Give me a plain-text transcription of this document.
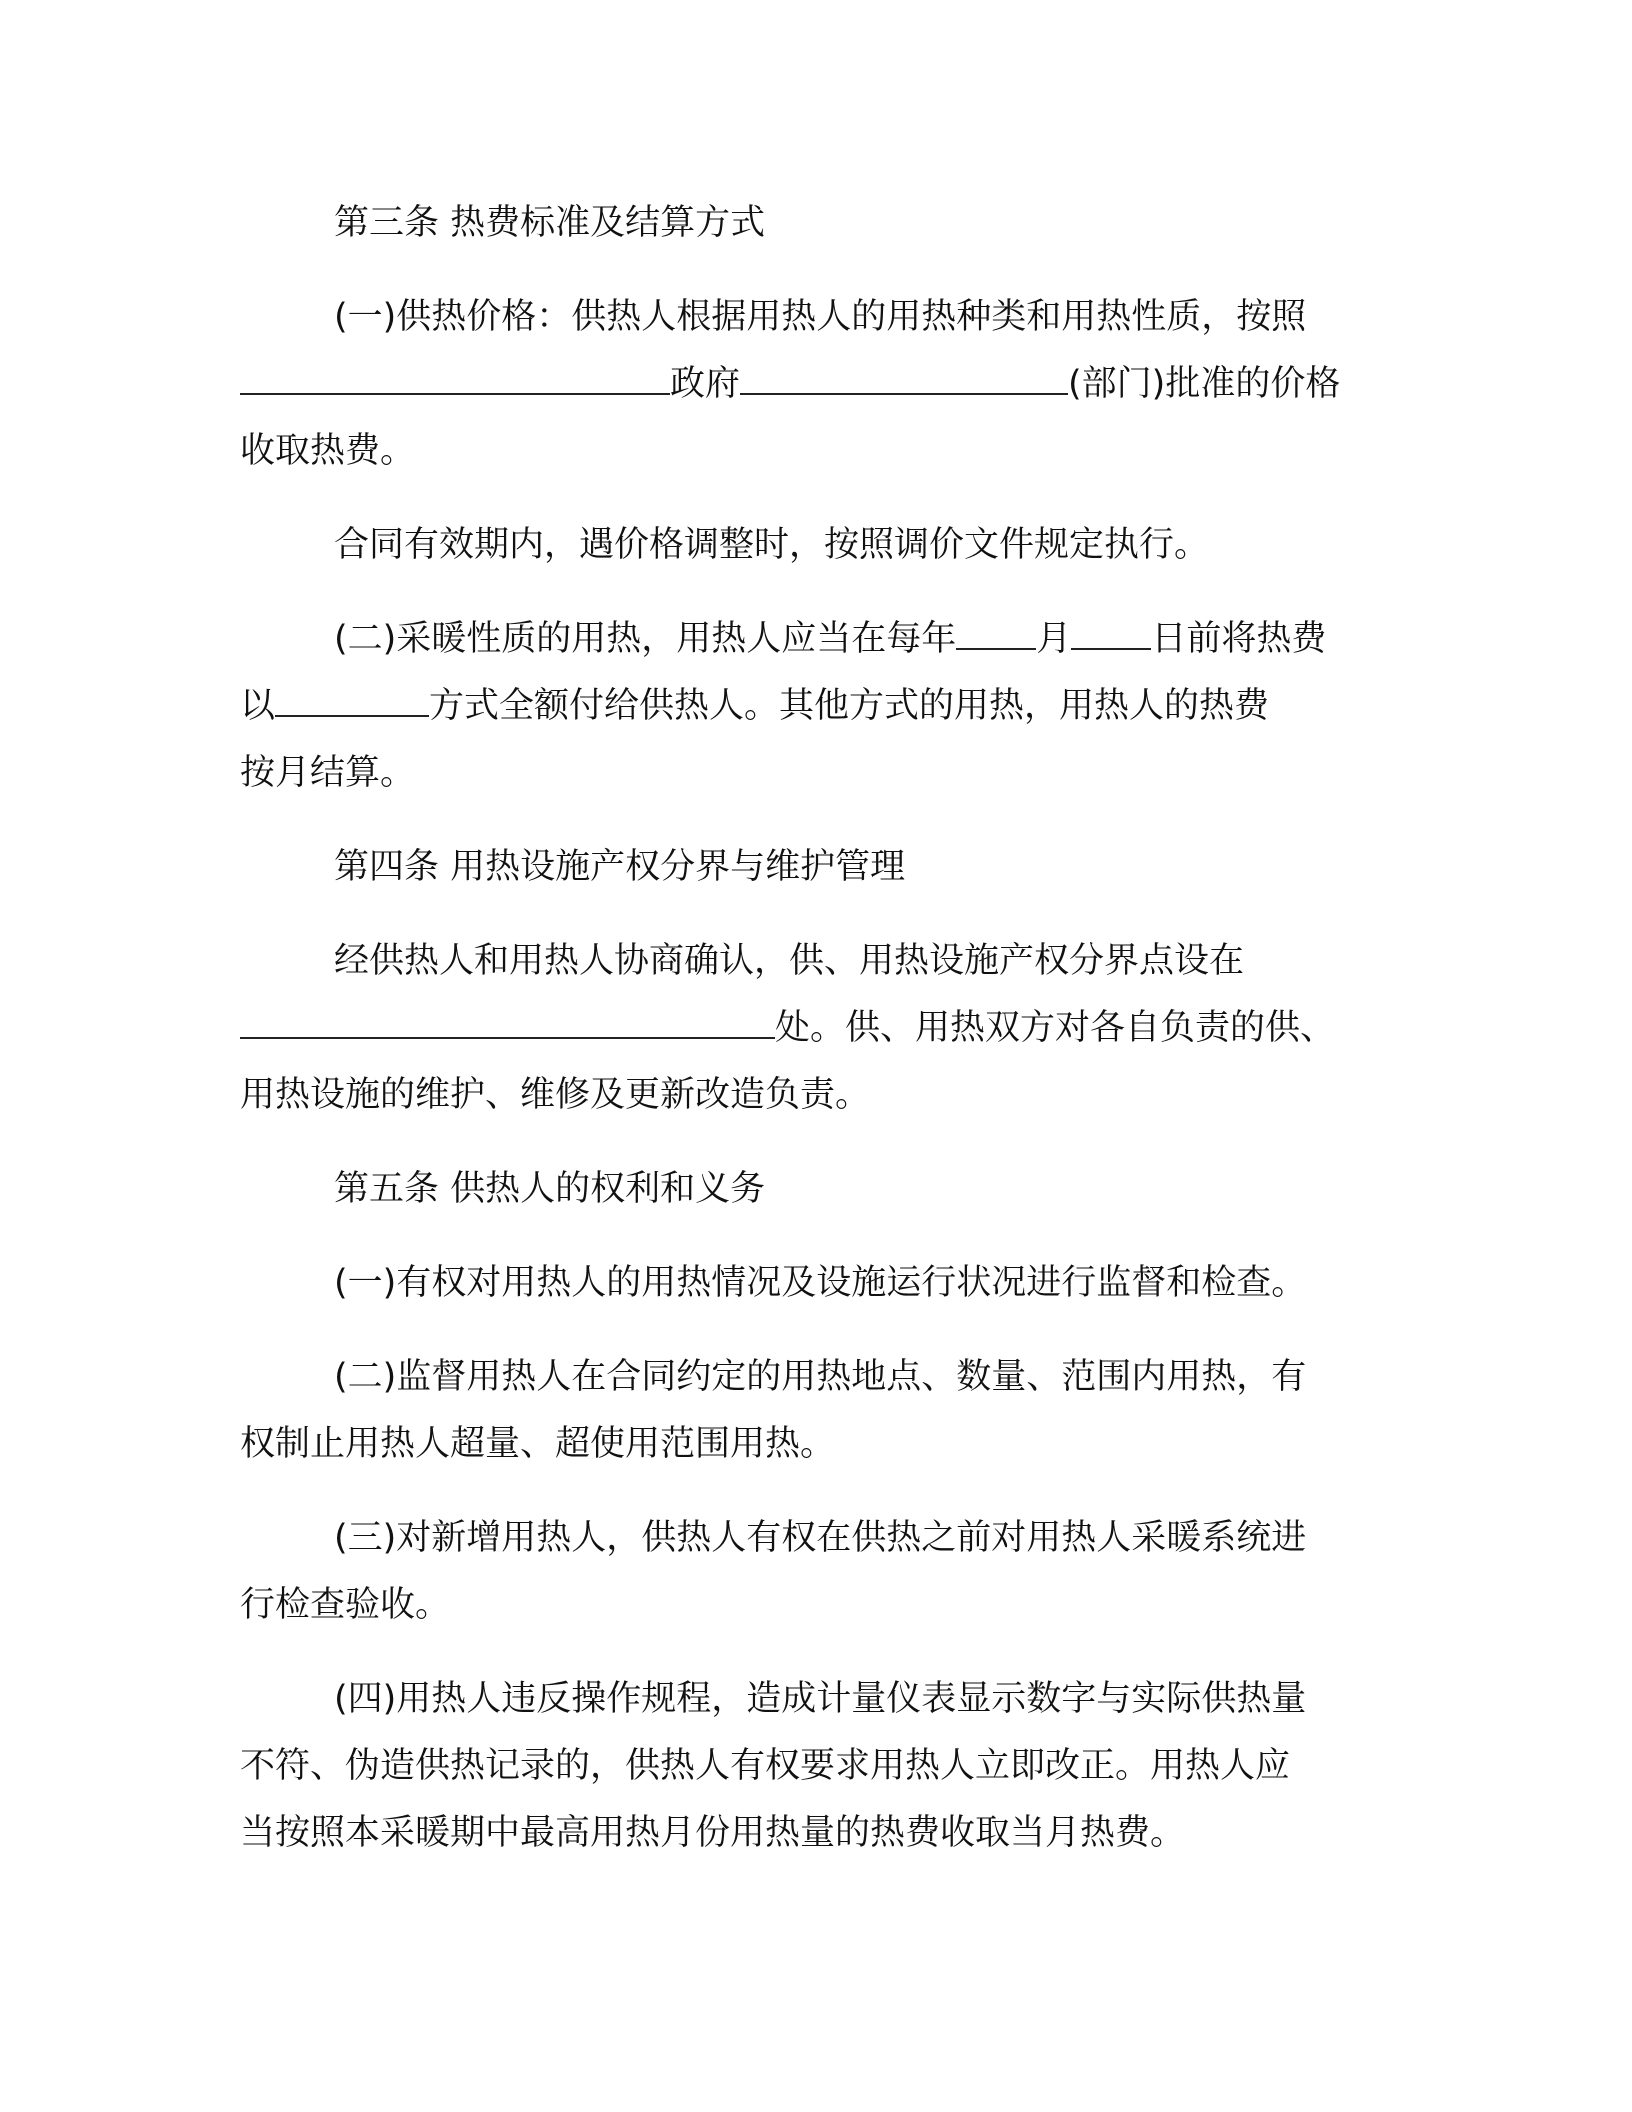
第三条 热费标准及结算方式

(一)供热价格：供热人根据用热人的用热种类和用热性质，按照
政府	(部门)批准的价格
收取热费。

合同有效期内，遇价格调整时，按照调价文件规定执行。

(二)采暖性质的用热，用热人应当在每年 月 日前将热费
以	方式全额付给供热人。其他方式的用热，用热人的热费
按月结算。

第四条 用热设施产权分界与维护管理

经供热人和用热人协商确认，供、用热设施产权分界点设在
处。供、用热双方对各自负责的供、
用热设施的维护、维修及更新改造负责。

第五条 供热人的权利和义务

(一)有权对用热人的用热情况及设施运行状况进行监督和检查。

(二)监督用热人在合同约定的用热地点、数量、范围内用热，有
权制止用热人超量、超使用范围用热。

(三)对新增用热人，供热人有权在供热之前对用热人采暖系统进
行检查验收。

(四)用热人违反操作规程，造成计量仪表显示数字与实际供热量
不符、伪造供热记录的，供热人有权要求用热人立即改正。用热人应
当按照本采暖期中最高用热月份用热量的热费收取当月热费。
